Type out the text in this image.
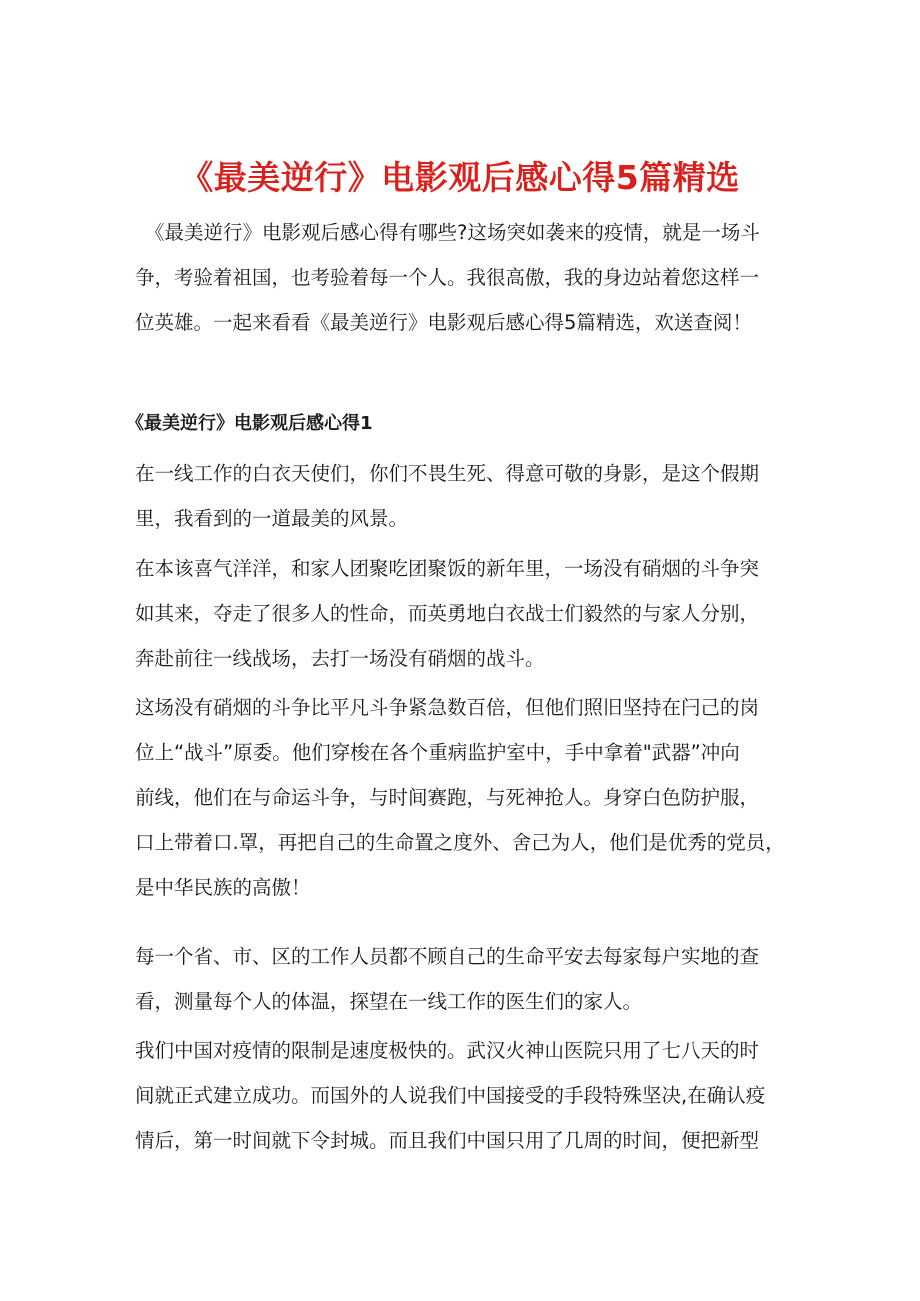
《最美逆行》电影观后感心得5篇精选

《最美逆行》电影观后感心得有哪些?这场突如袭来的疫情，就是一场斗
争，考验着祖国，也考验着每一个人。我很高傲，我的身边站着您这样一
位英雄。一起来看看《最美逆行》电影观后感心得5篇精选，欢送查阅！

《最美逆行》电影观后感心得1

在一线工作的白衣天使们，你们不畏生死、得意可敬的身影，是这个假期
里，我看到的一道最美的风景。

在本该喜气洋洋，和家人团聚吃团聚饭的新年里，一场没有硝烟的斗争突
如其来，夺走了很多人的性命，而英勇地白衣战士们毅然的与家人分别，
奔赴前往一线战场，去打一场没有硝烟的战斗。

这场没有硝烟的斗争比平凡斗争紧急数百倍，但他们照旧坚持在闩己的岗
位上“战斗”原委。他们穿梭在各个重病监护室中，手中拿着"武器”冲向
前线，他们在与命运斗争，与时间赛跑，与死神抢人。身穿白色防护服，
口上带着口.罩，再把自己的生命置之度外、舍己为人，他们是优秀的党员，
是中华民族的高傲！

每一个省、市、区的工作人员都不顾自己的生命平安去每家每户实地的查
看，测量每个人的体温，探望在一线工作的医生们的家人。

我们中国对疫情的限制是速度极快的。武汉火神山医院只用了七八天的时
间就正式建立成功。而国外的人说我们中国接受的手段特殊坚决,在确认疫
情后，第一时间就下令封城。而且我们中国只用了几周的时间，便把新型
